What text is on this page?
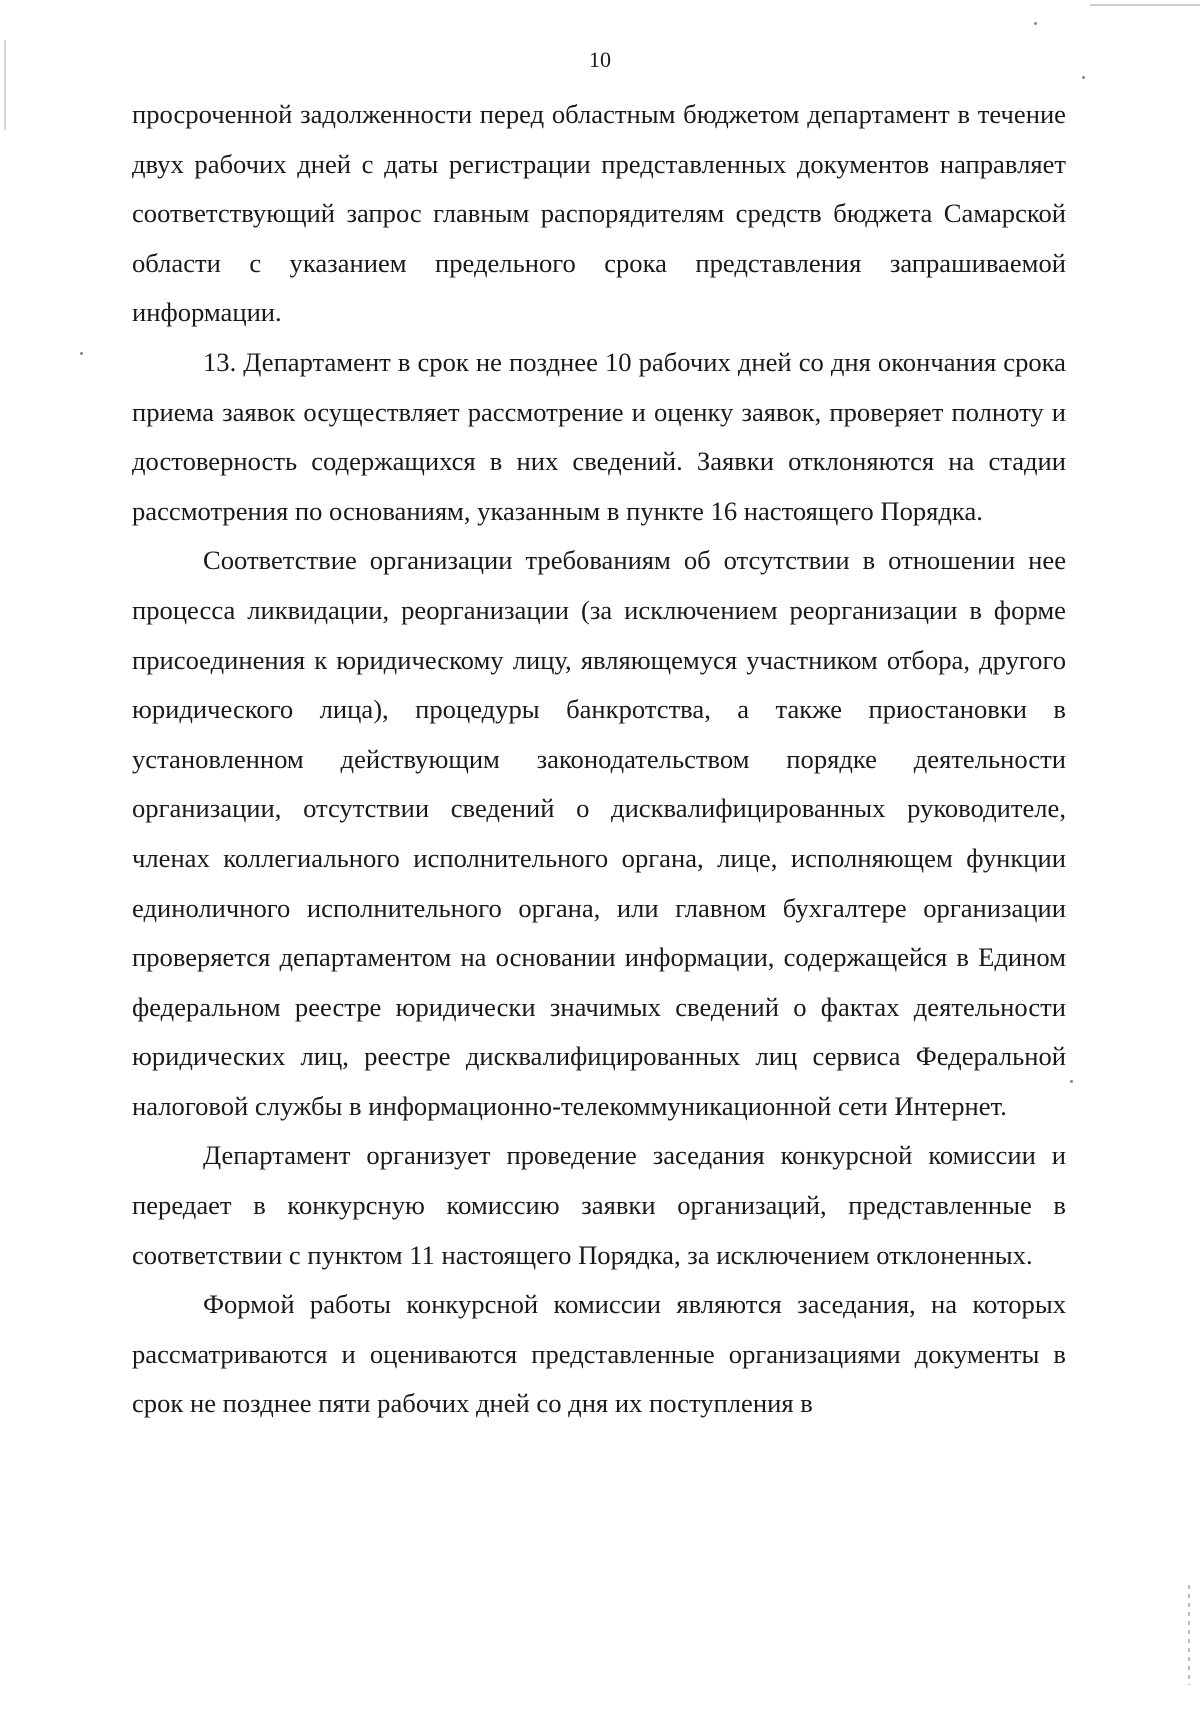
10

просроченной задолженности перед областным бюджетом департамент в течение двух рабочих дней с даты регистрации представленных документов направляет соответствующий запрос главным распорядителям средств бюджета Самарской области с указанием предельного срока представления запрашиваемой информации.

13. Департамент в срок не позднее 10 рабочих дней со дня окончания срока приема заявок осуществляет рассмотрение и оценку заявок, проверяет полноту и достоверность содержащихся в них сведений. Заявки отклоняются на стадии рассмотрения по основаниям, указанным в пункте 16 настоящего Порядка.

Соответствие организации требованиям об отсутствии в отношении нее процесса ликвидации, реорганизации (за исключением реорганизации в форме присоединения к юридическому лицу, являющемуся участником отбора, другого юридического лица), процедуры банкротства, а также приостановки в установленном действующим законодательством порядке деятельности организации, отсутствии сведений о дисквалифицированных руководителе, членах коллегиального исполнительного органа, лице, исполняющем функции единоличного исполнительного органа, или главном бухгалтере организации проверяется департаментом на основании информации, содержащейся в Едином федеральном реестре юридически значимых сведений о фактах деятельности юридических лиц, реестре дисквалифицированных лиц сервиса Федеральной налоговой службы в информационно-телекоммуникационной сети Интернет.

Департамент организует проведение заседания конкурсной комиссии и передает в конкурсную комиссию заявки организаций, представленные в соответствии с пунктом 11 настоящего Порядка, за исключением отклоненных.

Формой работы конкурсной комиссии являются заседания, на которых рассматриваются и оцениваются представленные организациями документы в срок не позднее пяти рабочих дней со дня их поступления в
